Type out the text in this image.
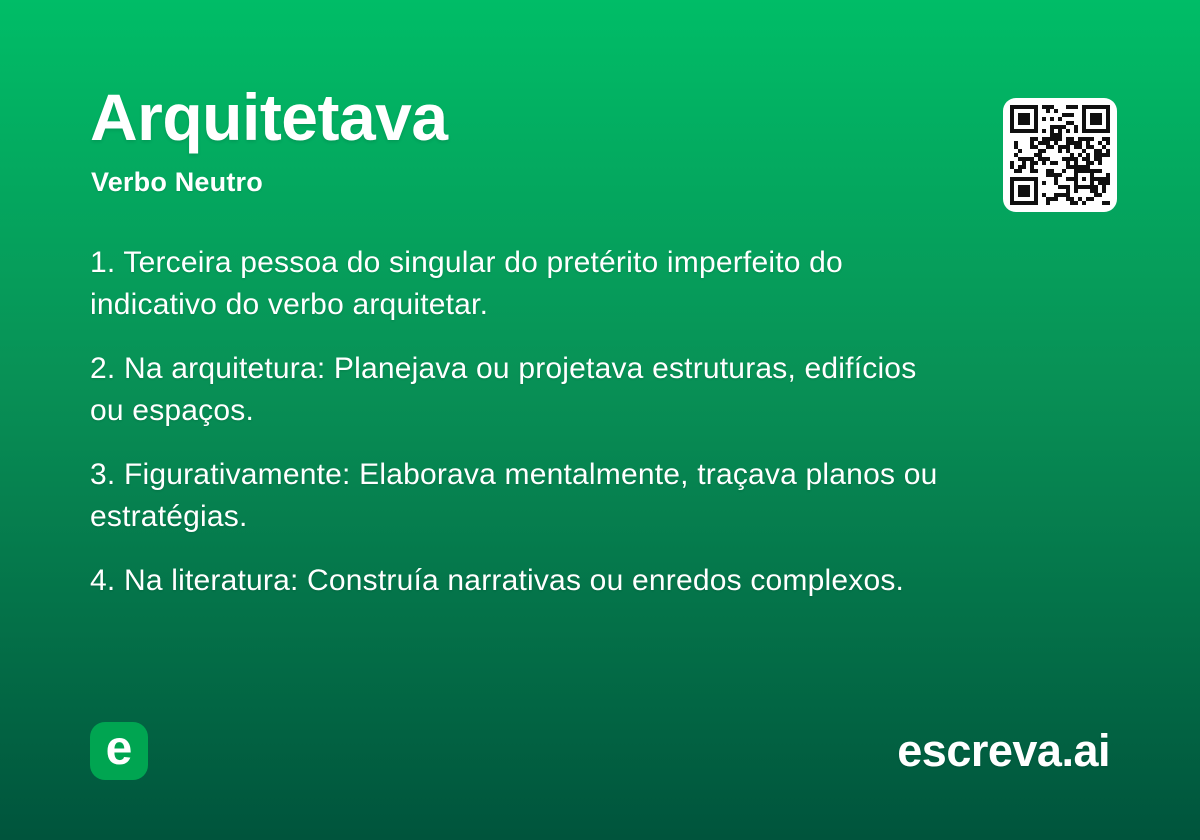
Arquitetava
Verbo Neutro

1. Terceira pessoa do singular do pretérito imperfeito do
indicativo do verbo arquitetar.

2. Na arquitetura: Planejava ou projetava estruturas, edifícios
ou espaços.

3. Figurativamente: Elaborava mentalmente, traçava planos ou
estratégias.

4. Na literatura: Construía narrativas ou enredos complexos.

e	escreva.ai
